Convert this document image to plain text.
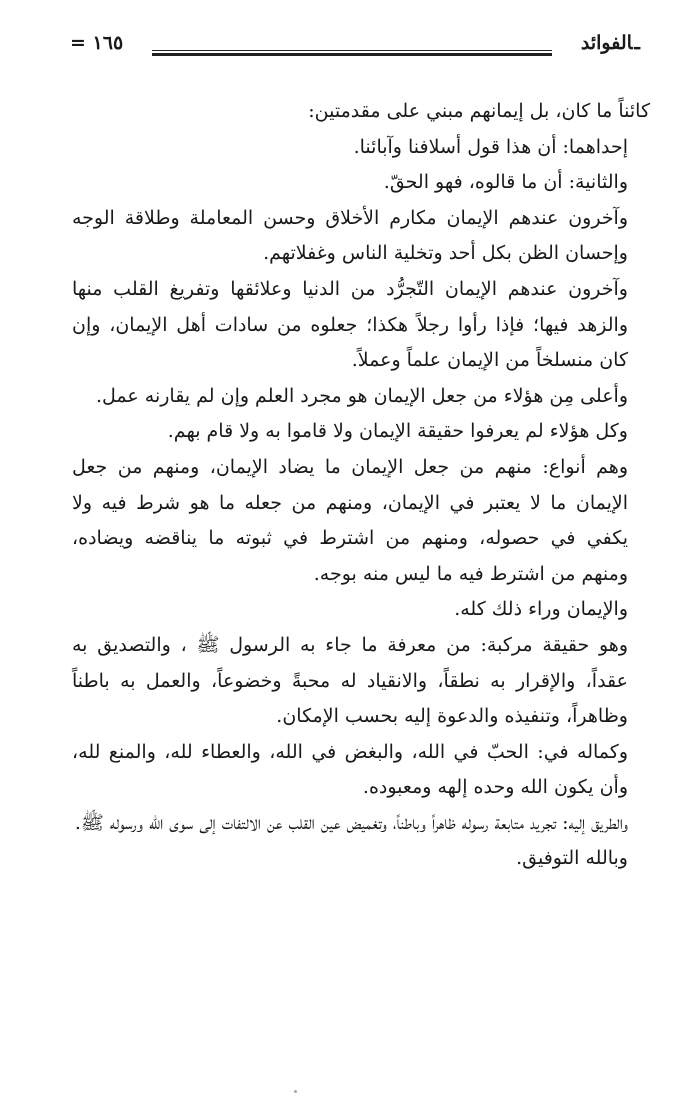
ـالفوائد
١٦٥ =

كائناً ما كان، بل إيمانهم مبني على مقدمتين:

إحداهما: أن هذا قول أسلافنا وآبائنا.

والثانية: أن ما قالوه، فهو الحقّ.

وآخرون عندهم الإيمان مكارم الأخلاق وحسن المعاملة وطلاقة الوجه وإحسان الظن بكل أحد وتخلية الناس وغفلاتهم.

وآخرون عندهم الإيمان التّجرُّد من الدنيا وعلائقها وتفريغ القلب منها والزهد فيها؛ فإذا رأوا رجلاً هكذا؛ جعلوه من سادات أهل الإيمان، وإن كان منسلخاً من الإيمان علماً وعملاً.

وأعلى مِن هؤلاء من جعل الإيمان هو مجرد العلم وإن لم يقارنه عمل.

وكل هؤلاء لم يعرفوا حقيقة الإيمان ولا قاموا به ولا قام بهم.

وهم أنواع: منهم من جعل الإيمان ما يضاد الإيمان، ومنهم من جعل الإيمان ما لا يعتبر في الإيمان، ومنهم من جعله ما هو شرط فيه ولا يكفي في حصوله، ومنهم من اشترط في ثبوته ما يناقضه ويضاده، ومنهم من اشترط فيه ما ليس منه بوجه.

والإيمان وراء ذلك كله.

وهو حقيقة مركبة: من معرفة ما جاء به الرسول ﷺ ، والتصديق به عقداً، والإقرار به نطقاً، والانقياد له محبةً وخضوعاً، والعمل به باطناً وظاهراً، وتنفيذه والدعوة إليه بحسب الإمكان.

وكماله في: الحبّ في الله، والبغض في الله، والعطاء لله، والمنع لله، وأن يكون الله وحده إلهه ومعبوده.

والطريق إليه: تجريد متابعة رسوله ظاهراً وباطناً، وتغميض عين القلب عن الالتفات إلى سوى الله ورسوله ﷺ.

وبالله التوفيق.
